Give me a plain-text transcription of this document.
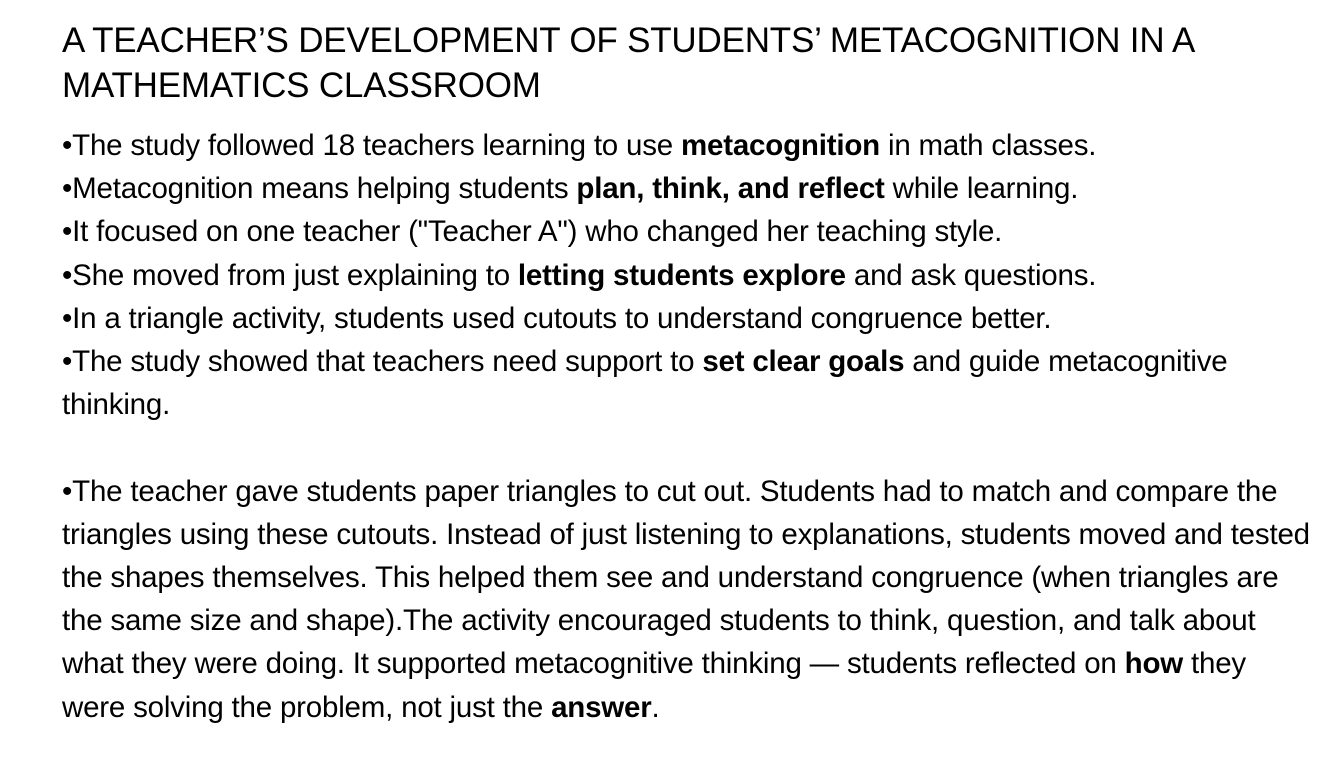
A TEACHER’S DEVELOPMENT OF STUDENTS’ METACOGNITION IN A MATHEMATICS CLASSROOM

•The study followed 18 teachers learning to use metacognition in math classes.

•Metacognition means helping students plan, think, and reflect while learning.

•It focused on one teacher ("Teacher A") who changed her teaching style.

•She moved from just explaining to letting students explore and ask questions.

•In a triangle activity, students used cutouts to understand congruence better.

•The study showed that teachers need support to set clear goals and guide metacognitive thinking.

•The teacher gave students paper triangles to cut out. Students had to match and compare the triangles using these cutouts. Instead of just listening to explanations, students moved and tested the shapes themselves. This helped them see and understand congruence (when triangles are the same size and shape).The activity encouraged students to think, question, and talk about what they were doing. It supported metacognitive thinking — students reflected on how they were solving the problem, not just the answer.
